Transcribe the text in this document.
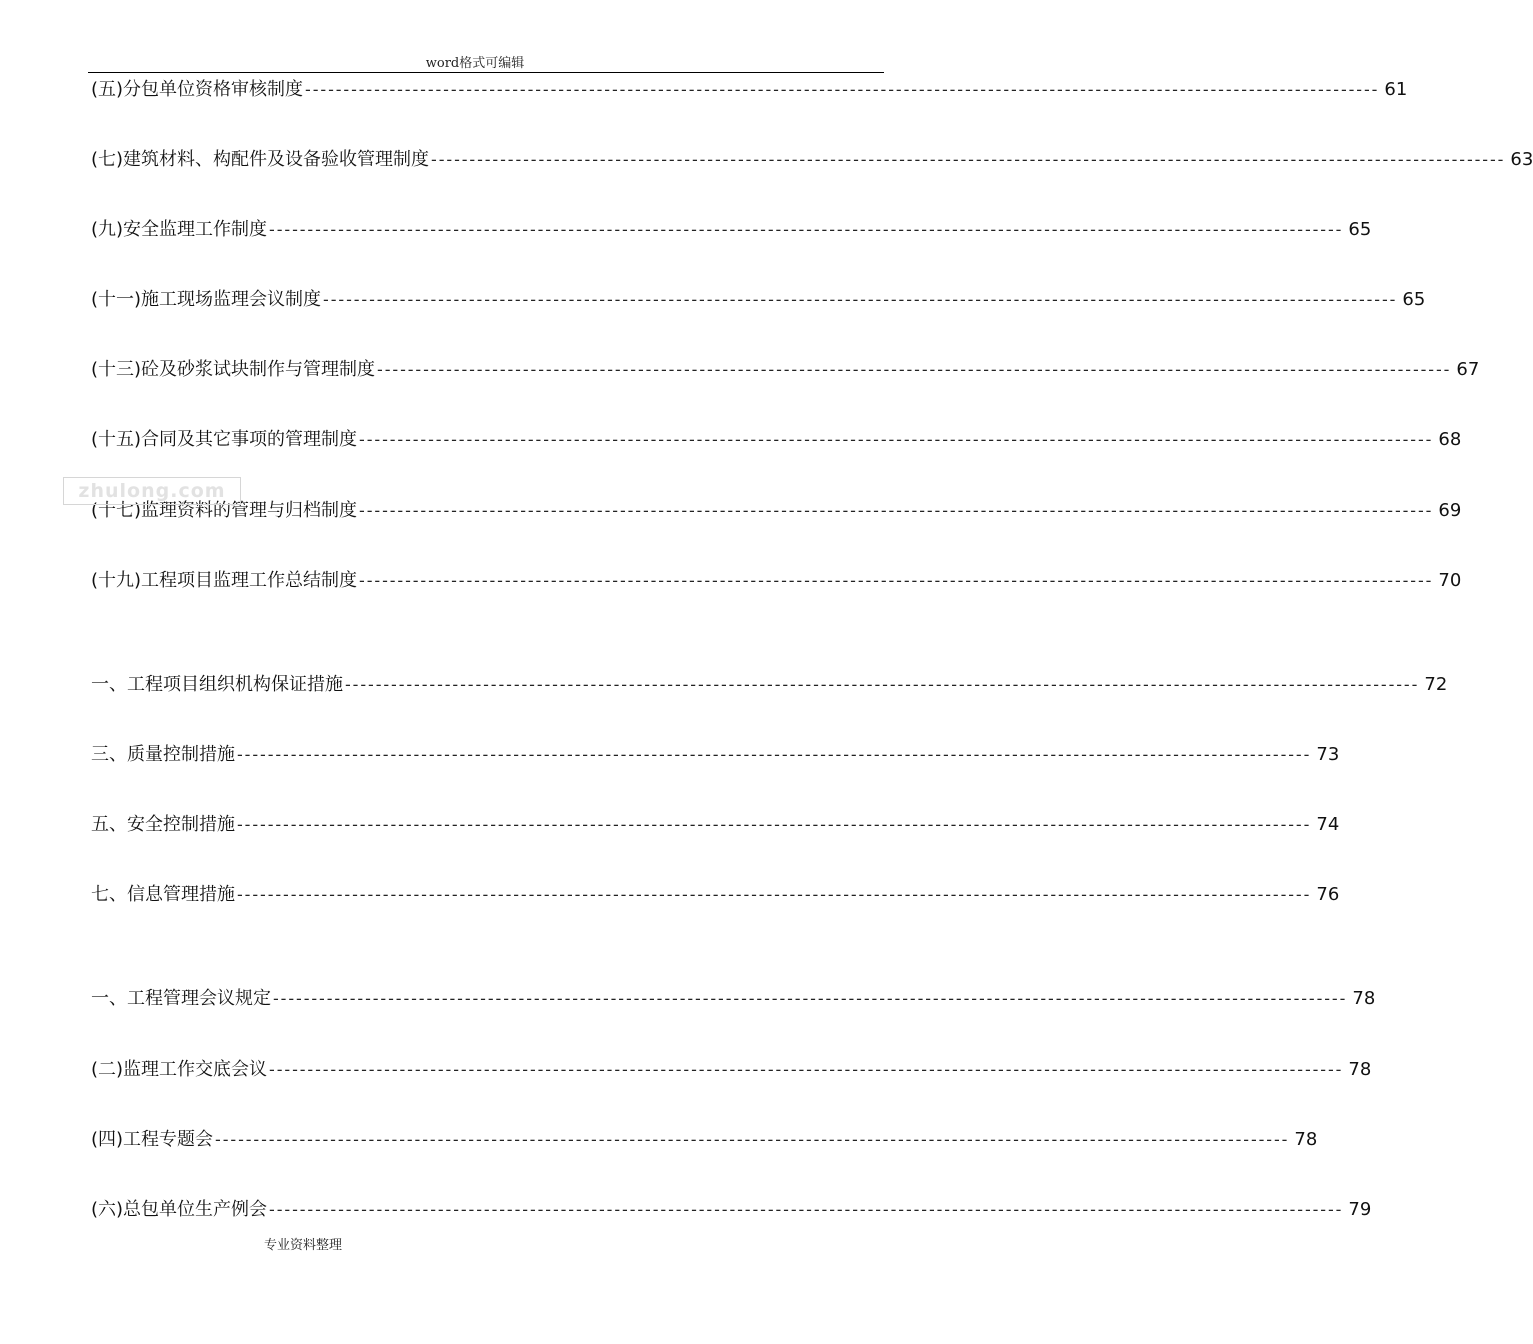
word格式可编辑
(五)分包单位资格审核制度 -------------------------------------------------------------------------------------------------------------------------------------------- 61
(七)建筑材料、构配件及设备验收管理制度 -------------------------------------------------------------------------------------------------------------------------------------------- 63
(九)安全监理工作制度 -------------------------------------------------------------------------------------------------------------------------------------------- 65
(十一)施工现场监理会议制度 -------------------------------------------------------------------------------------------------------------------------------------------- 65
(十三)砼及砂浆试块制作与管理制度 -------------------------------------------------------------------------------------------------------------------------------------------- 67
(十五)合同及其它事项的管理制度 -------------------------------------------------------------------------------------------------------------------------------------------- 68
(十七)监理资料的管理与归档制度 -------------------------------------------------------------------------------------------------------------------------------------------- 69
(十九)工程项目监理工作总结制度 -------------------------------------------------------------------------------------------------------------------------------------------- 70
一、工程项目组织机构保证措施 -------------------------------------------------------------------------------------------------------------------------------------------- 72
三、质量控制措施 -------------------------------------------------------------------------------------------------------------------------------------------- 73
五、安全控制措施 -------------------------------------------------------------------------------------------------------------------------------------------- 74
七、信息管理措施 -------------------------------------------------------------------------------------------------------------------------------------------- 76
一、工程管理会议规定 -------------------------------------------------------------------------------------------------------------------------------------------- 78
(二)监理工作交底会议 -------------------------------------------------------------------------------------------------------------------------------------------- 78
(四)工程专题会 -------------------------------------------------------------------------------------------------------------------------------------------- 78
(六)总包单位生产例会 -------------------------------------------------------------------------------------------------------------------------------------------- 79
zhulong.com
专业资料整理
